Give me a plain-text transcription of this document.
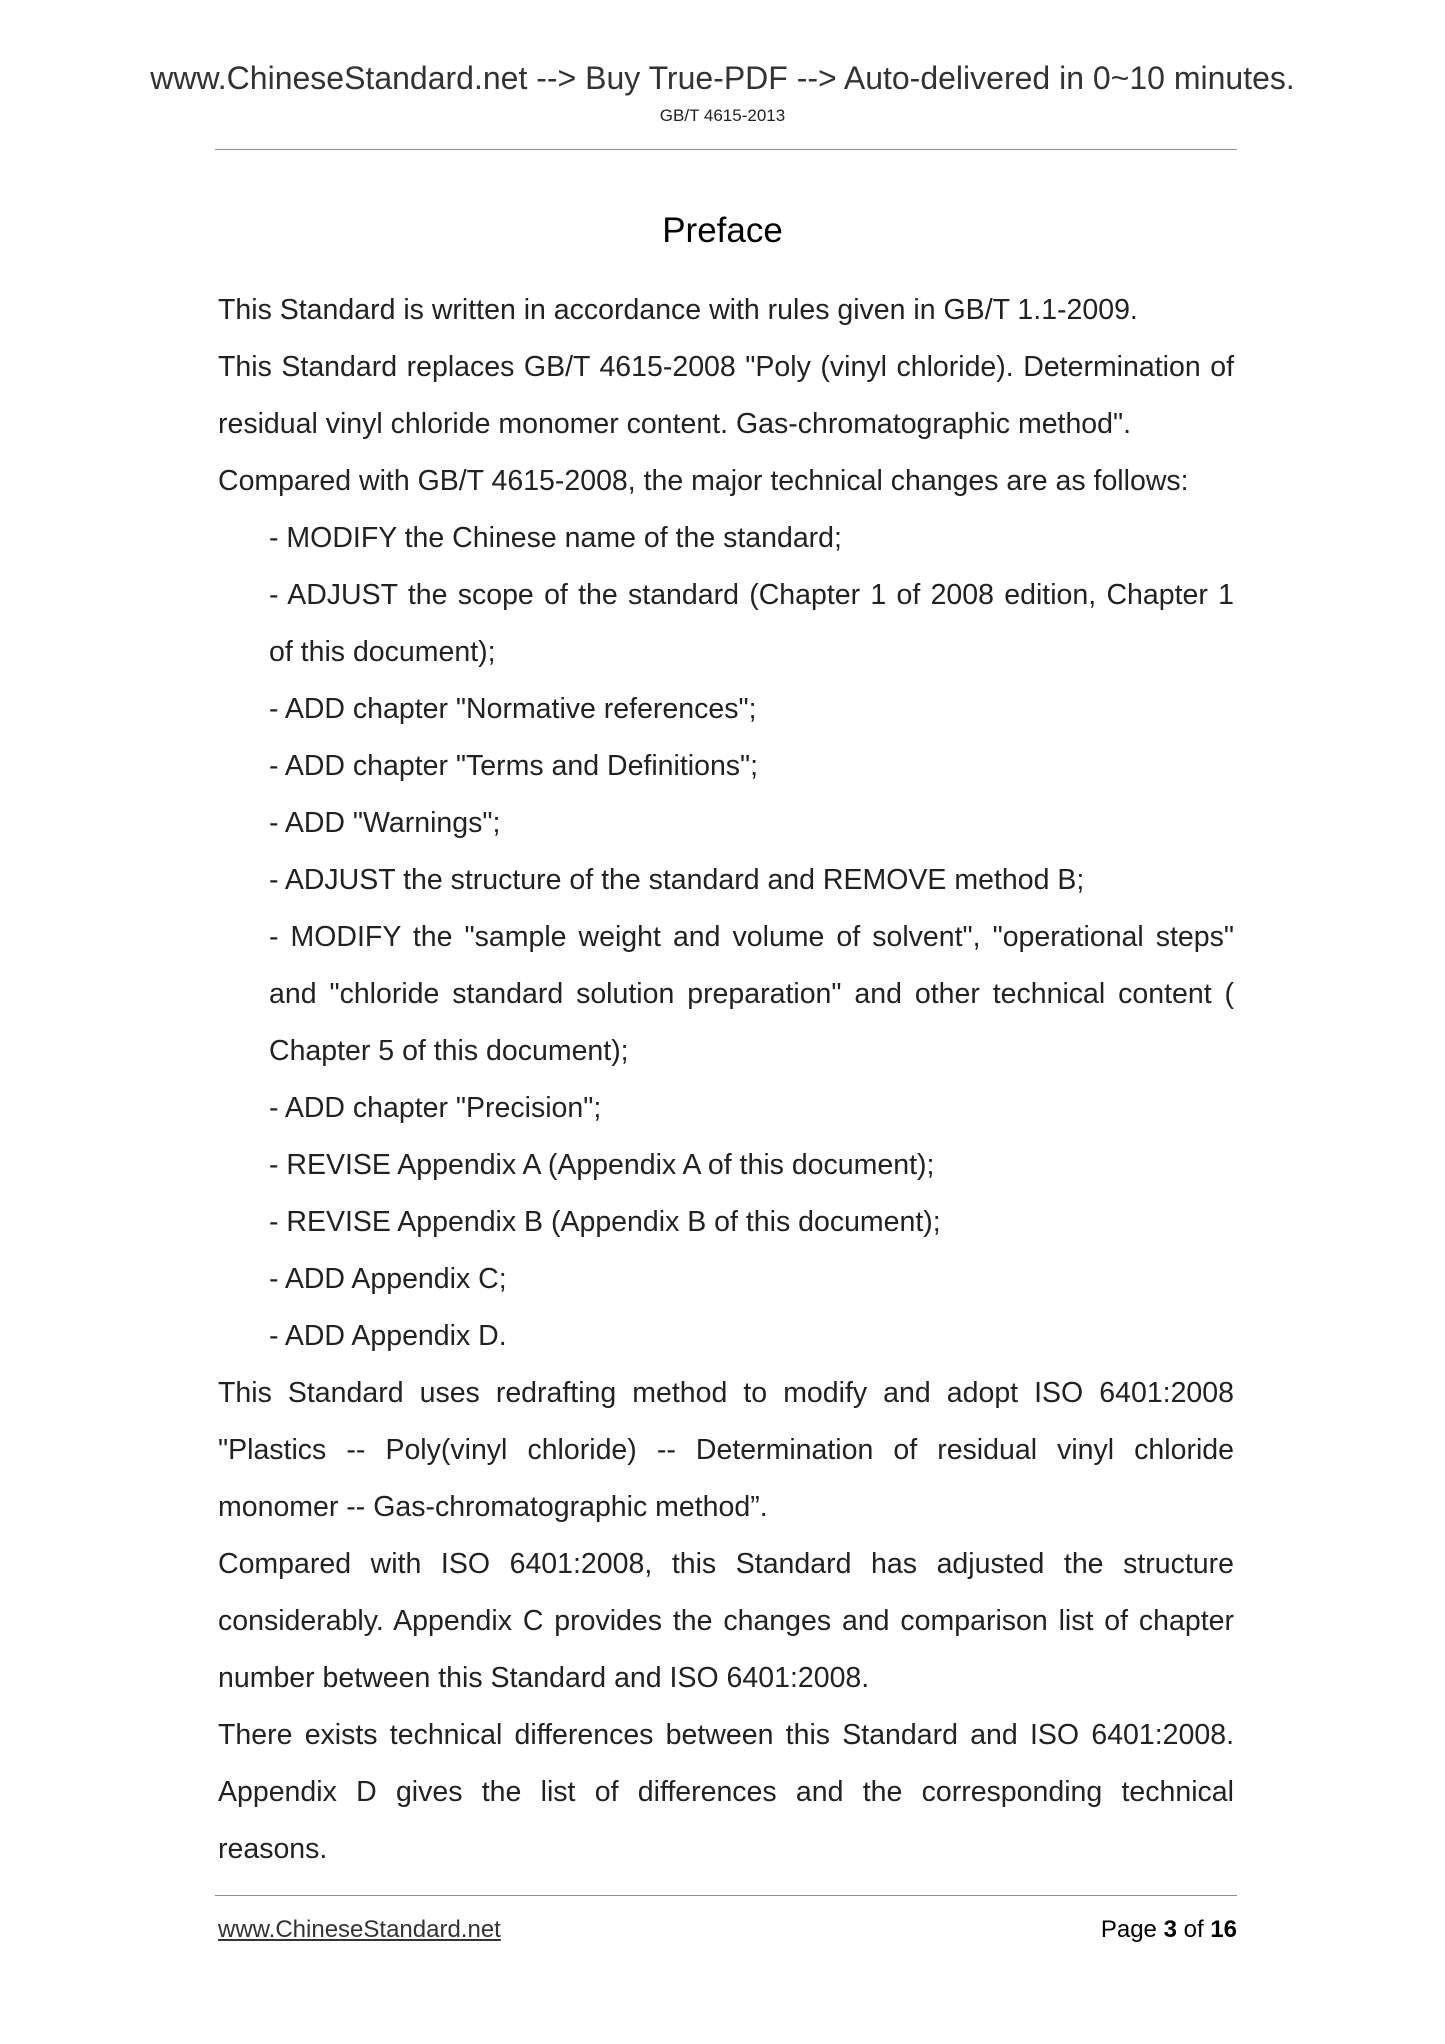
www.ChineseStandard.net --> Buy True-PDF --> Auto-delivered in 0~10 minutes.
GB/T 4615-2013
Preface

This Standard is written in accordance with rules given in GB/T 1.1-2009.

This Standard replaces GB/T 4615-2008 "Poly (vinyl chloride). Determination of residual vinyl chloride monomer content. Gas-chromatographic method".

Compared with GB/T 4615-2008, the major technical changes are as follows:

- MODIFY the Chinese name of the standard;

- ADJUST the scope of the standard (Chapter 1 of 2008 edition, Chapter 1 of this document);

- ADD chapter "Normative references";

- ADD chapter "Terms and Definitions";

- ADD "Warnings";

- ADJUST the structure of the standard and REMOVE method B;

- MODIFY the "sample weight and volume of solvent", "operational steps" and "chloride standard solution preparation" and other technical content ( Chapter 5 of this document);

- ADD chapter "Precision";

- REVISE Appendix A (Appendix A of this document);

- REVISE Appendix B (Appendix B of this document);

- ADD Appendix C;

- ADD Appendix D.

This Standard uses redrafting method to modify and adopt ISO 6401:2008 "Plastics -- Poly(vinyl chloride) -- Determination of residual vinyl chloride monomer -- Gas-chromatographic method”.

Compared with ISO 6401:2008, this Standard has adjusted the structure considerably. Appendix C provides the changes and comparison list of chapter number between this Standard and ISO 6401:2008.

There exists technical differences between this Standard and ISO 6401:2008. Appendix D gives the list of differences and the corresponding technical reasons.

www.ChineseStandard.net	Page 3 of 16
